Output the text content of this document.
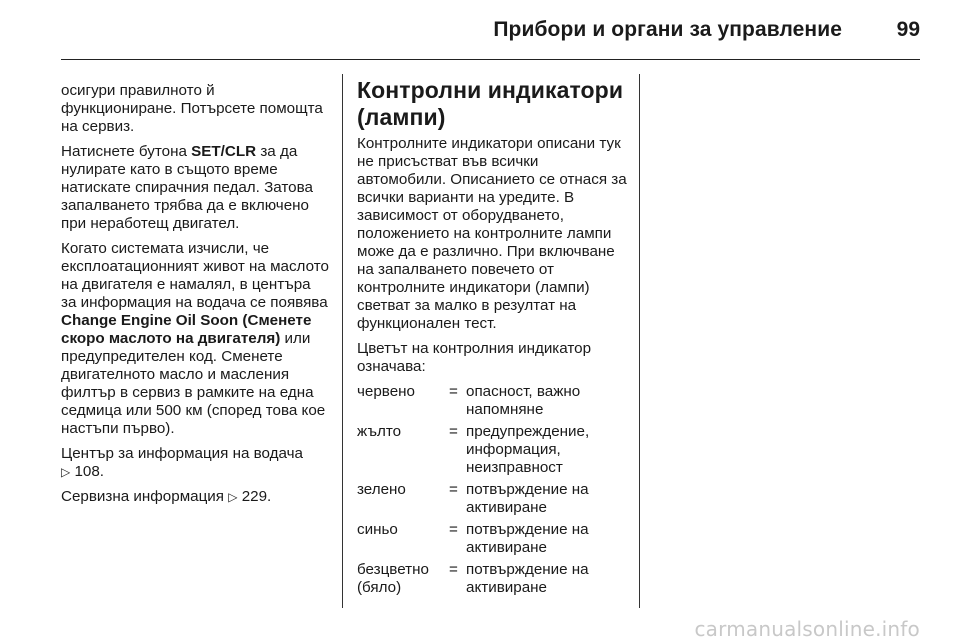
Прибори и органи за управление	99

осигури правилното й функциониране. Потърсете помощта на сервиз.

Натиснете бутона SET/CLR за да нулирате като в същото време натискате спирачния педал. Затова запалването трябва да е включено при неработещ двигател.

Когато системата изчисли, че експлоатационният живот на маслото на двигателя е намалял, в центъра за информация на водача се появява Change Engine Oil Soon (Сменете скоро маслото на двигателя) или предупредителен код. Сменете двигателното масло и масления филтър в сервиз в рамките на една седмица или 500 км (според това кое настъпи първо).

Център за информация на водача
▷ 108.

Сервизна информация ▷ 229.

Контролни индикатори (лампи)

Контролните индикатори описани тук не присъстват във всички автомобили. Описанието се отнася за всички варианти на уредите. В зависимост от оборудването, положението на контролните лампи може да е различно. При включване на запалването повечето от контролните индикатори (лампи) светват за малко в резултат на функционален тест.

Цветът на контролния индикатор означава:

червено	=	опасност, важно напомняне
жълто	=	предупреждение, информация, неизправност
зелено	=	потвърждение на активиране
синьо	=	потвърждение на активиране
безцветно (бяло)	=	потвърждение на активиране
carmanualsonline.info
